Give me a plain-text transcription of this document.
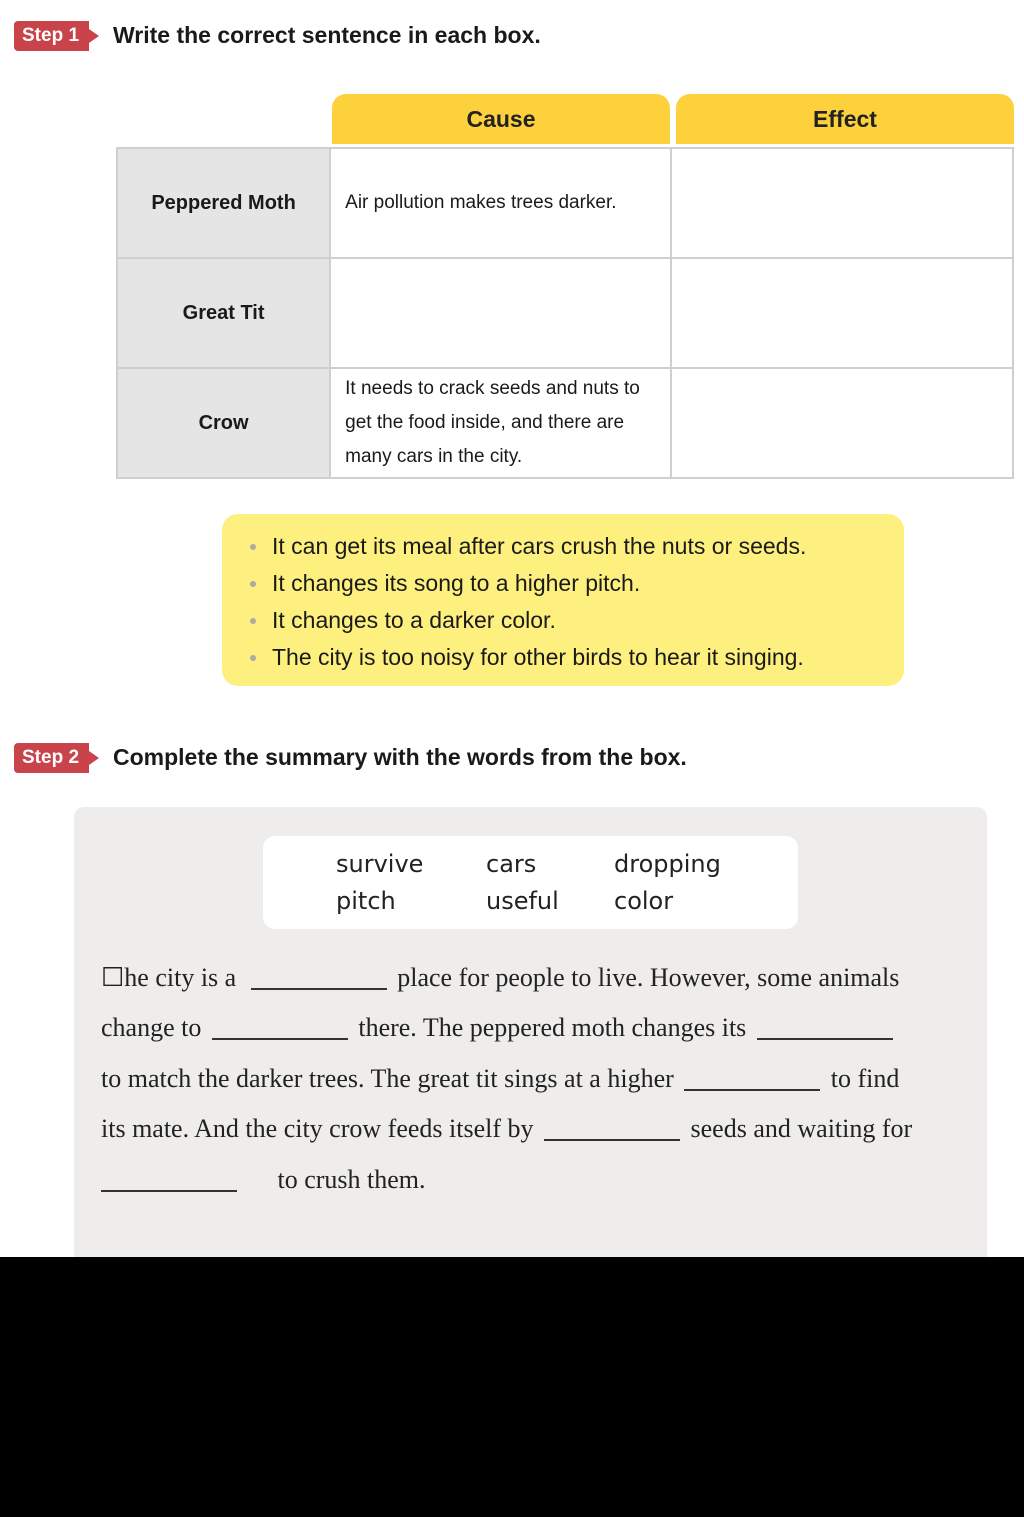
Step 1	Write the correct sentence in each box.
Cause	Effect
Peppered Moth	Air pollution makes trees darker.	
Great Tit		
Crow	It needs to crack seeds and nuts to get the food inside, and there are many cars in the city.	
It can get its meal after cars crush the nuts or seeds.
It changes its song to a higher pitch.
It changes to a darker color.
The city is too noisy for other birds to hear it singing.
Step 2	Complete the summary with the words from the box.
survive	cars	dropping
pitch	useful color
☐he city is a	place for people to live. However, some animals
change to	there. The peppered moth changes its
to match the darker trees. The great tit sings at a higher	to find
its mate. And the city crow feeds itself by	seeds and waiting for
to crush them.
